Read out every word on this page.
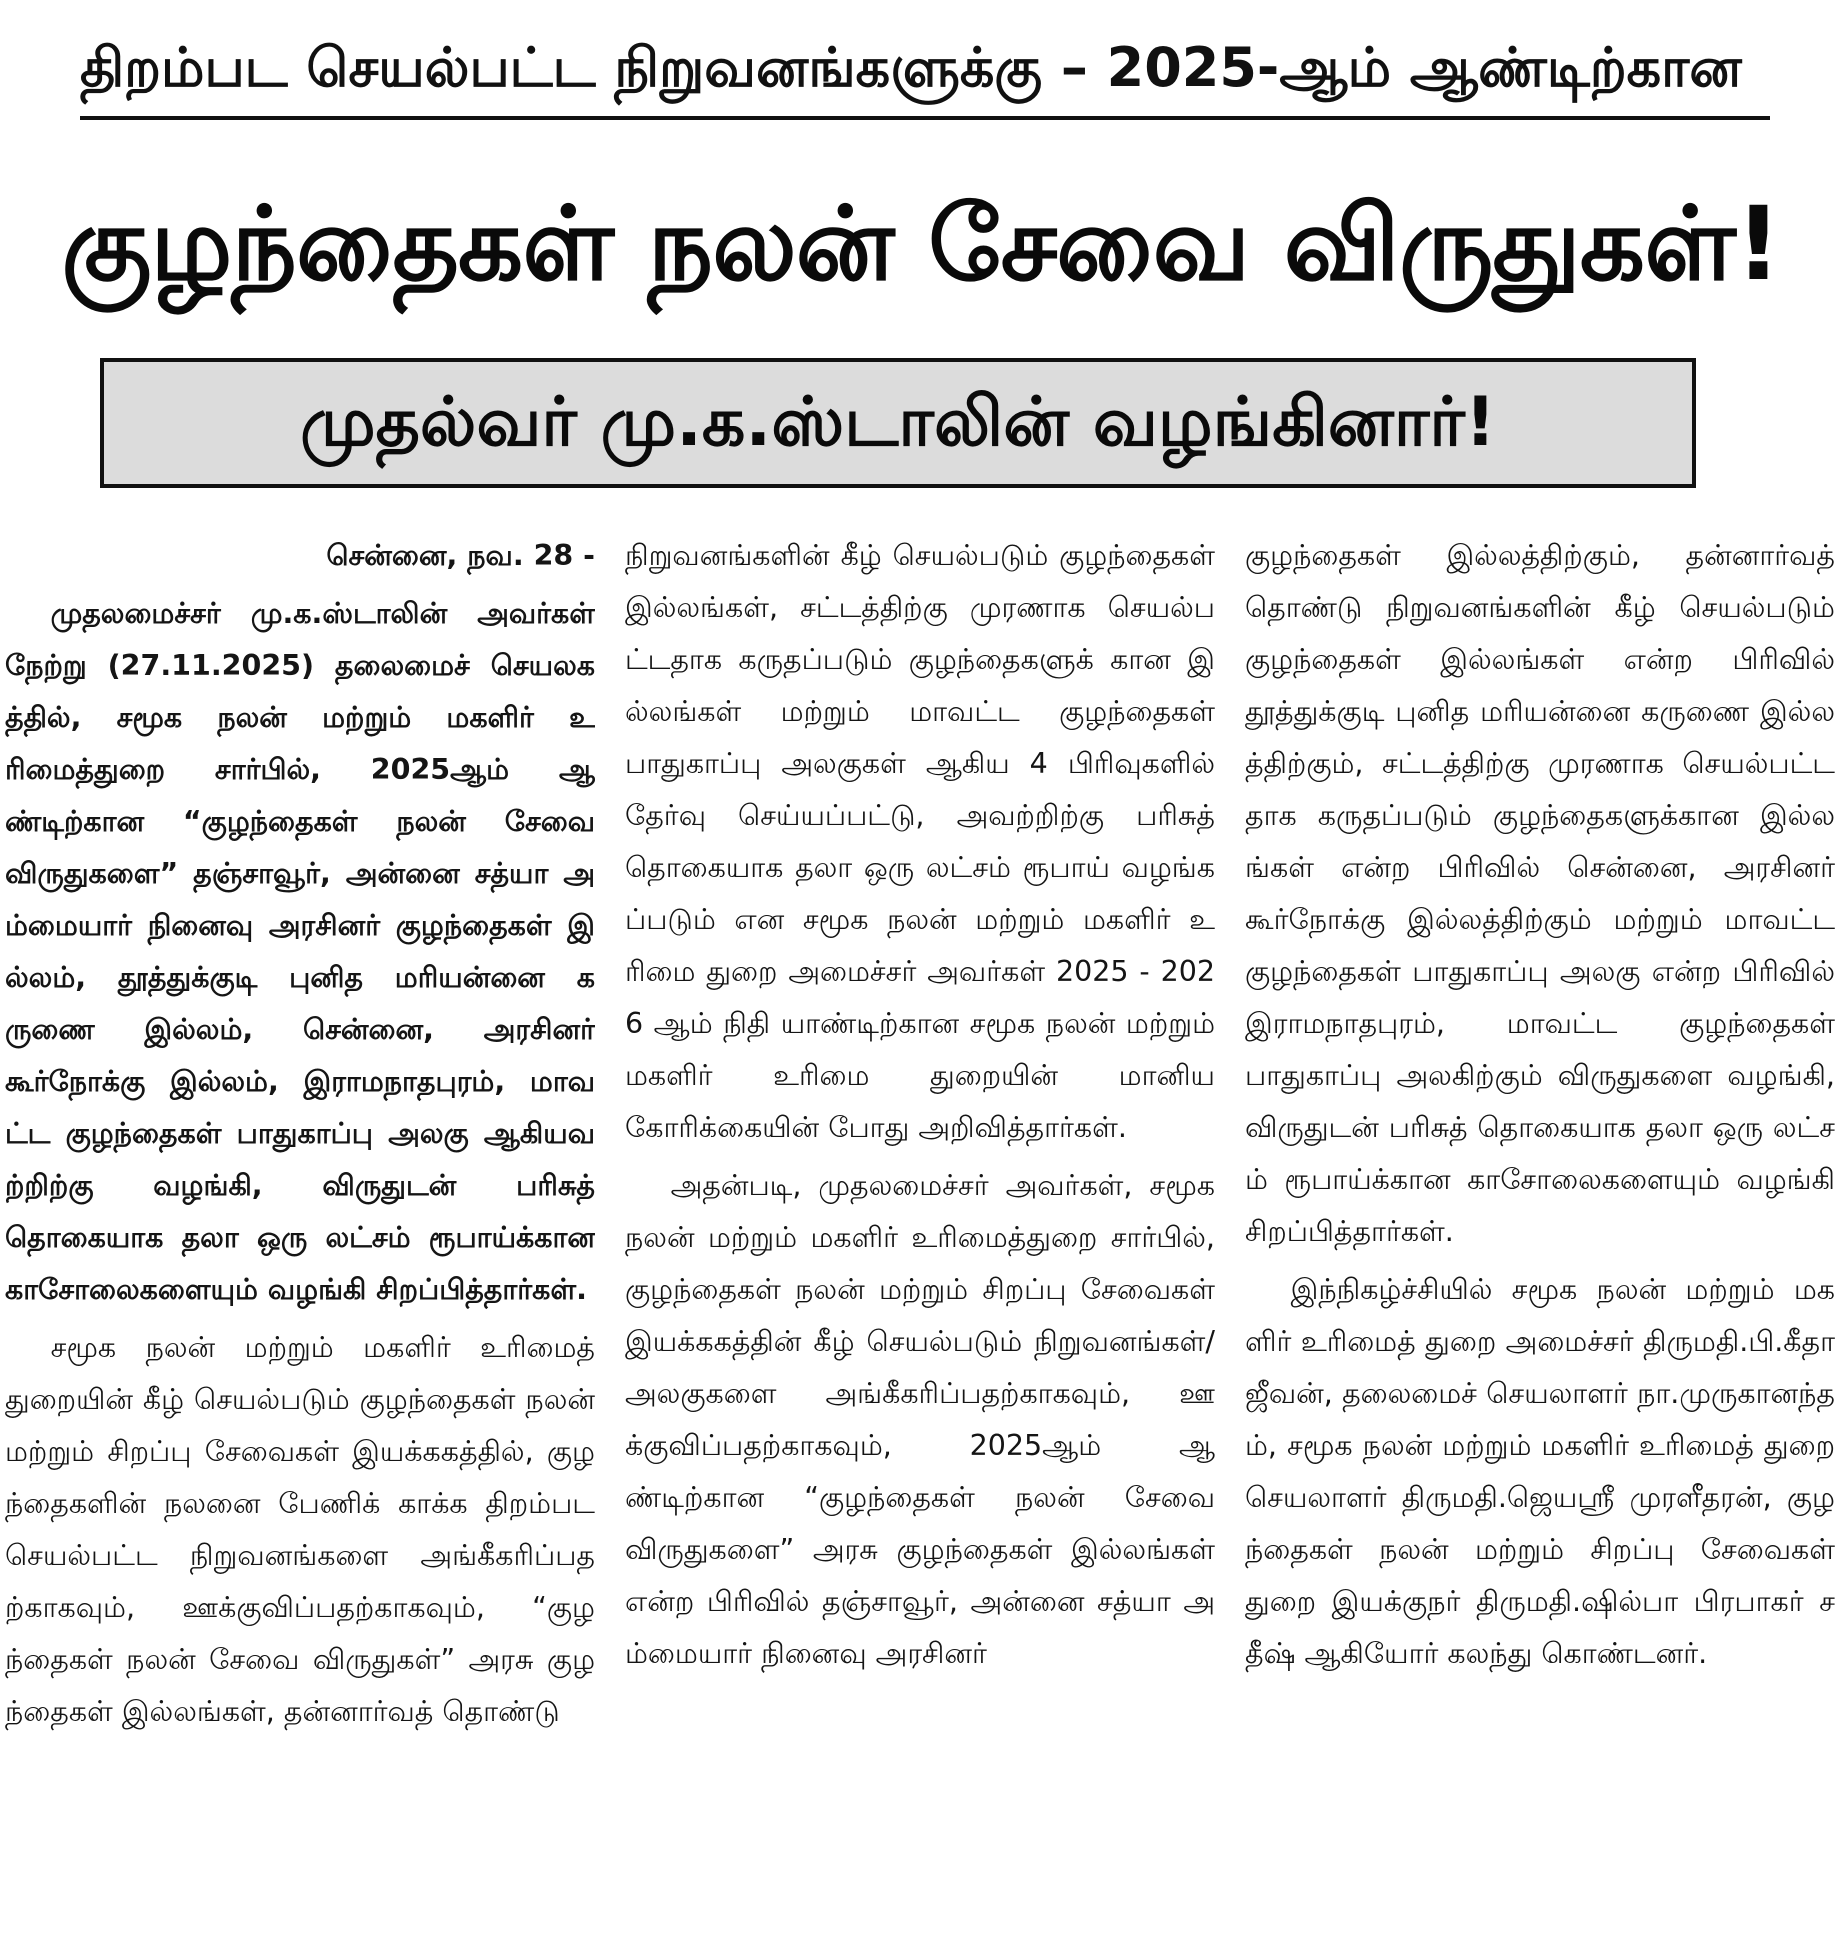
திறம்பட செயல்பட்ட நிறுவனங்களுக்கு – 2025-ஆம் ஆண்டிற்கான
குழந்தைகள் நலன் சேவை விருதுகள்!
முதல்வர் மு.க.ஸ்டாலின் வழங்கினார்!

சென்னை, நவ. 28 -

முதலமைச்சர் மு.க.ஸ்டாலின் அவர்கள் நேற்று (27.11.2025) தலைமைச் செயலகத்தில், சமூக நலன் மற்றும் மகளிர் உரிமைத்துறை சார்பில், 2025ஆம் ஆண்டிற்கான “குழந்தைகள் நலன் சேவை விருதுகளை” தஞ்சாவூர், அன்னை சத்யா அம்மையார் நினைவு அரசினர் குழந்தைகள் இல்லம், தூத்துக்குடி புனித மரியன்னை கருணை இல்லம், சென்னை, அரசினர் கூர்நோக்கு இல்லம், இராமநாதபுரம், மாவட்ட குழந்தைகள் பாதுகாப்பு அலகு ஆகியவற்றிற்கு வழங்கி, விருதுடன் பரிசுத் தொகையாக தலா ஒரு லட்சம் ரூபாய்க்கான காசோலைகளையும் வழங்கி சிறப்பித்தார்கள்.

சமூக நலன் மற்றும் மகளிர் உரிமைத் துறையின் கீழ் செயல்படும் குழந்தைகள் நலன் மற்றும் சிறப்பு சேவைகள் இயக்ககத்தில், குழந்தைகளின் நலனை பேணிக் காக்க திறம்பட செயல்பட்ட நிறுவனங்களை அங்கீகரிப்பதற்காகவும், ஊக்குவிப்பதற்காகவும், “குழந்தைகள் நலன் சேவை விருதுகள்” அரசு குழந்தைகள் இல்லங்கள், தன்னார்வத் தொண்டு

நிறுவனங்களின் கீழ் செயல்படும் குழந்தைகள் இல்லங்கள், சட்டத்திற்கு முரணாக செயல்பட்டதாக கருதப்படும் குழந்தைகளுக் கான இல்லங்கள் மற்றும் மாவட்ட குழந்தைகள் பாதுகாப்பு அலகுகள் ஆகிய 4 பிரிவுகளில் தேர்வு செய்யப்பட்டு, அவற்றிற்கு பரிசுத் தொகையாக தலா ஒரு லட்சம் ரூபாய் வழங்கப்படும் என சமூக நலன் மற்றும் மகளிர் உரிமை துறை அமைச்சர் அவர்கள் 2025 - 2026 ஆம் நிதி யாண்டிற்கான சமூக நலன் மற்றும் மகளிர் உரிமை துறையின் மானிய கோரிக்கையின் போது அறிவித்தார்கள்.

அதன்படி, முதலமைச்சர் அவர்கள், சமூக நலன் மற்றும் மகளிர் உரிமைத்துறை சார்பில், குழந்தைகள் நலன் மற்றும் சிறப்பு சேவைகள் இயக்ககத்தின் கீழ் செயல்படும் நிறுவனங்கள்/அலகுகளை அங்கீகரிப்பதற்காகவும், ஊக்குவிப்பதற்காகவும், 2025ஆம் ஆண்டிற்கான “குழந்தைகள் நலன் சேவை விருதுகளை” அரசு குழந்தைகள் இல்லங்கள் என்ற பிரிவில் தஞ்சாவூர், அன்னை சத்யா அம்மையார் நினைவு அரசினர்

குழந்தைகள் இல்லத்திற்கும், தன்னார்வத் தொண்டு நிறுவனங்களின் கீழ் செயல்படும் குழந்தைகள் இல்லங்கள் என்ற பிரிவில் தூத்துக்குடி புனித மரியன்னை கருணை இல்லத்திற்கும், சட்டத்திற்கு முரணாக செயல்பட்டதாக கருதப்படும் குழந்தைகளுக்கான இல்லங்கள் என்ற பிரிவில் சென்னை, அரசினர் கூர்நோக்கு இல்லத்திற்கும் மற்றும் மாவட்ட குழந்தைகள் பாதுகாப்பு அலகு என்ற பிரிவில் இராமநாதபுரம், மாவட்ட குழந்தைகள் பாதுகாப்பு அலகிற்கும் விருதுகளை வழங்கி, விருதுடன் பரிசுத் தொகையாக தலா ஒரு லட்சம் ரூபாய்க்கான காசோலைகளையும் வழங்கி சிறப்பித்தார்கள்.

இந்நிகழ்ச்சியில் சமூக நலன் மற்றும் மகளிர் உரிமைத் துறை அமைச்சர் திருமதி.பி.கீதா ஜீவன், தலைமைச் செயலாளர் நா.முருகானந்தம், சமூக நலன் மற்றும் மகளிர் உரிமைத் துறை செயலாளர் திருமதி.ஜெயஸ்ரீ முரளீதரன், குழந்தைகள் நலன் மற்றும் சிறப்பு சேவைகள் துறை இயக்குநர் திருமதி.ஷில்பா பிரபாகர் சதீஷ் ஆகியோர் கலந்து கொண்டனர்.
